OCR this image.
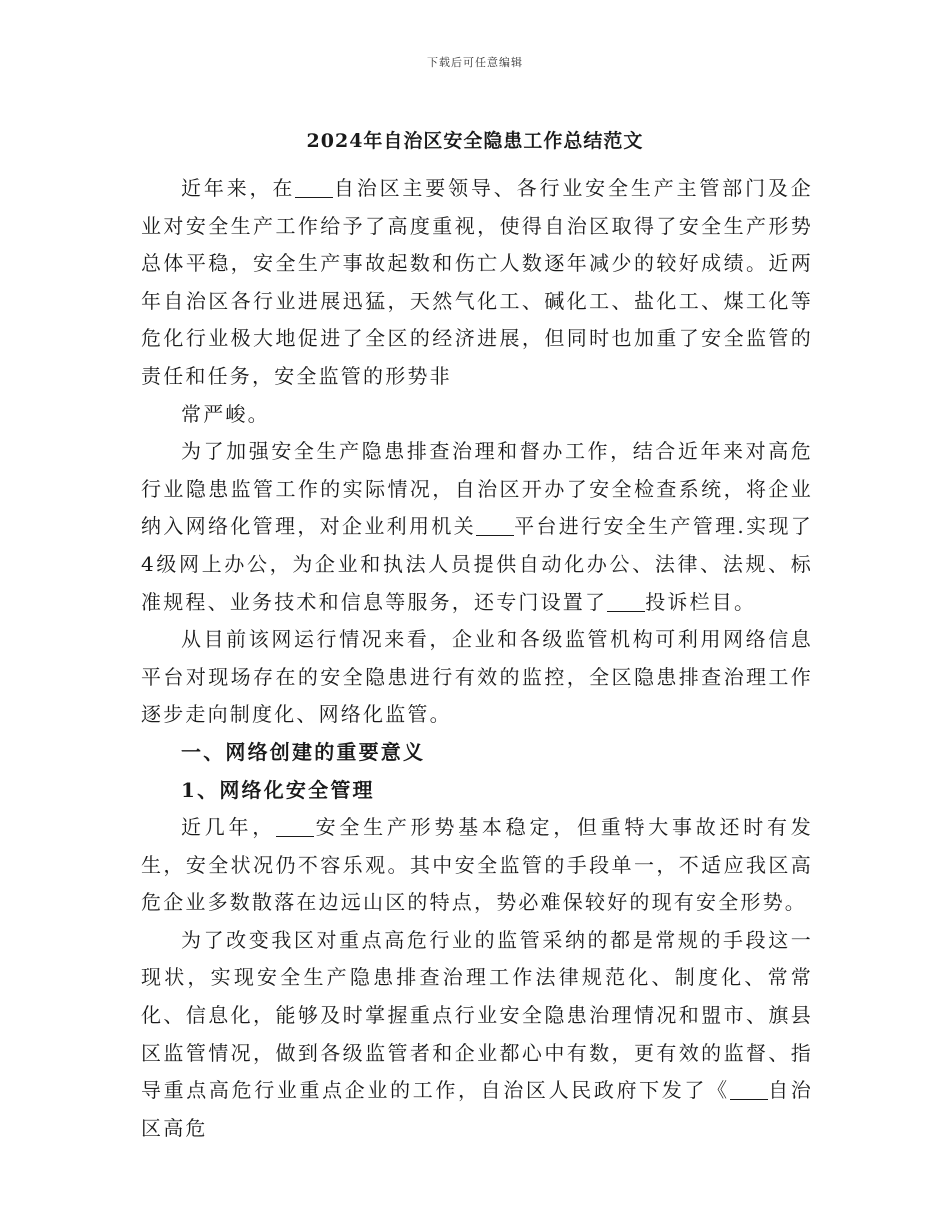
下载后可任意编辑
2024年自治区安全隐患工作总结范文

近年来，在 自治区主要领导、各行业安全生产主管部门及企业对安全生产工作给予了高度重视，使得自治区取得了安全生产形势总体平稳，安全生产事故起数和伤亡人数逐年减少的较好成绩。近两年自治区各行业进展迅猛，天然气化工、碱化工、盐化工、煤工化等危化行业极大地促进了全区的经济进展，但同时也加重了安全监管的责任和任务，安全监管的形势非

常严峻。

为了加强安全生产隐患排查治理和督办工作，结合近年来对高危行业隐患监管工作的实际情况，自治区开办了安全检查系统，将企业纳入网络化管理，对企业利用机关 平台进行安全生产管理.实现了4级网上办公，为企业和执法人员提供自动化办公、法律、法规、标准规程、业务技术和信息等服务，还专门设置了 投诉栏目。

从目前该网运行情况来看，企业和各级监管机构可利用网络信息平台对现场存在的安全隐患进行有效的监控，全区隐患排查治理工作逐步走向制度化、网络化监管。

一、网络创建的重要意义

1、网络化安全管理

近几年， 安全生产形势基本稳定，但重特大事故还时有发生，安全状况仍不容乐观。其中安全监管的手段单一，不适应我区高危企业多数散落在边远山区的特点，势必难保较好的现有安全形势。

为了改变我区对重点高危行业的监管采纳的都是常规的手段这一现状，实现安全生产隐患排查治理工作法律规范化、制度化、常常化、信息化，能够及时掌握重点行业安全隐患治理情况和盟市、旗县区监管情况，做到各级监管者和企业都心中有数，更有效的监督、指导重点高危行业重点企业的工作，自治区人民政府下发了《 自治区高危
